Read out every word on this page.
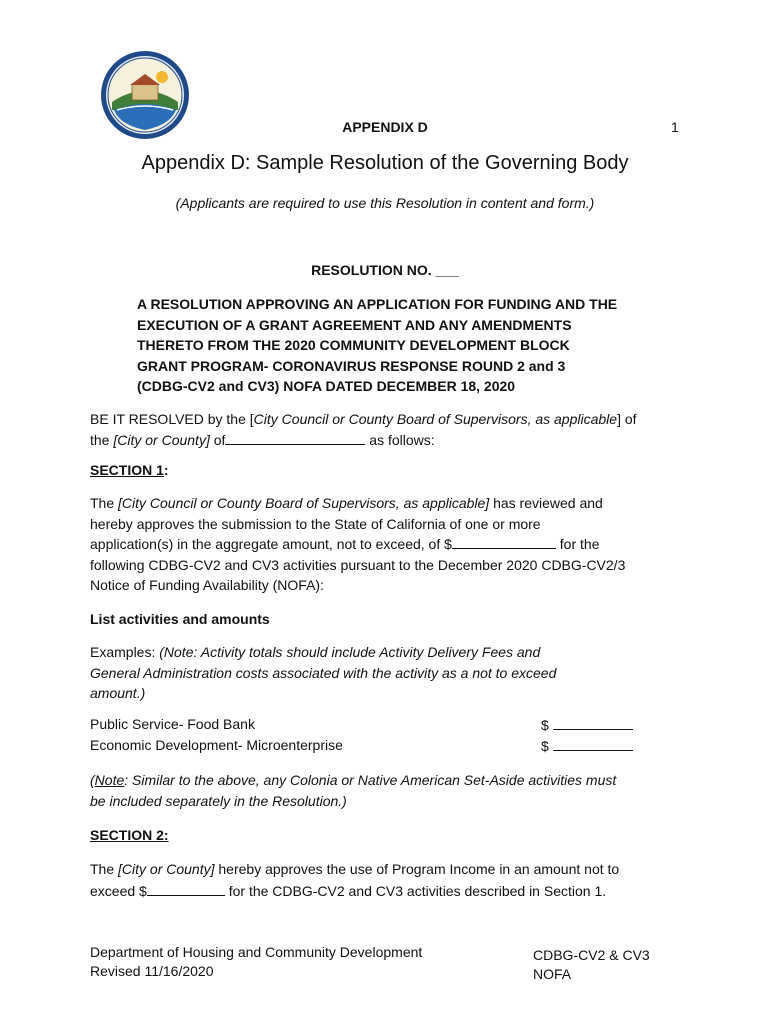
APPENDIX D	1
Appendix D: Sample Resolution of the Governing Body
(Applicants are required to use this Resolution in content and form.)
RESOLUTION NO. ___
A RESOLUTION APPROVING AN APPLICATION FOR FUNDING AND THE
EXECUTION OF A GRANT AGREEMENT AND ANY AMENDMENTS
THERETO FROM THE 2020 COMMUNITY DEVELOPMENT BLOCK
GRANT PROGRAM- CORONAVIRUS RESPONSE ROUND 2 and 3
(CDBG-CV2 and CV3) NOFA DATED DECEMBER 18, 2020
BE IT RESOLVED by the [City Council or County Board of Supervisors, as applicable] of
the [City or County] of	as follows:
SECTION 1:
The [City Council or County Board of Supervisors, as applicable] has reviewed and
hereby approves the submission to the State of California of one or more
application(s) in the aggregate amount, not to exceed, of $	for the
following CDBG-CV2 and CV3 activities pursuant to the December 2020 CDBG-CV2/3
Notice of Funding Availability (NOFA):
List activities and amounts
Examples: (Note: Activity totals should include Activity Delivery Fees and
General Administration costs associated with the activity as a not to exceed
amount.)
Public Service- Food Bank	$
Economic Development- Microenterprise	$
(Note: Similar to the above, any Colonia or Native American Set-Aside activities must
be included separately in the Resolution.)
SECTION 2:
The [City or County] hereby approves the use of Program Income in an amount not to
exceed $	for the CDBG-CV2 and CV3 activities described in Section 1.
Department of Housing and Community Development
Revised 11/16/2020
CDBG-CV2 & CV3
NOFA
